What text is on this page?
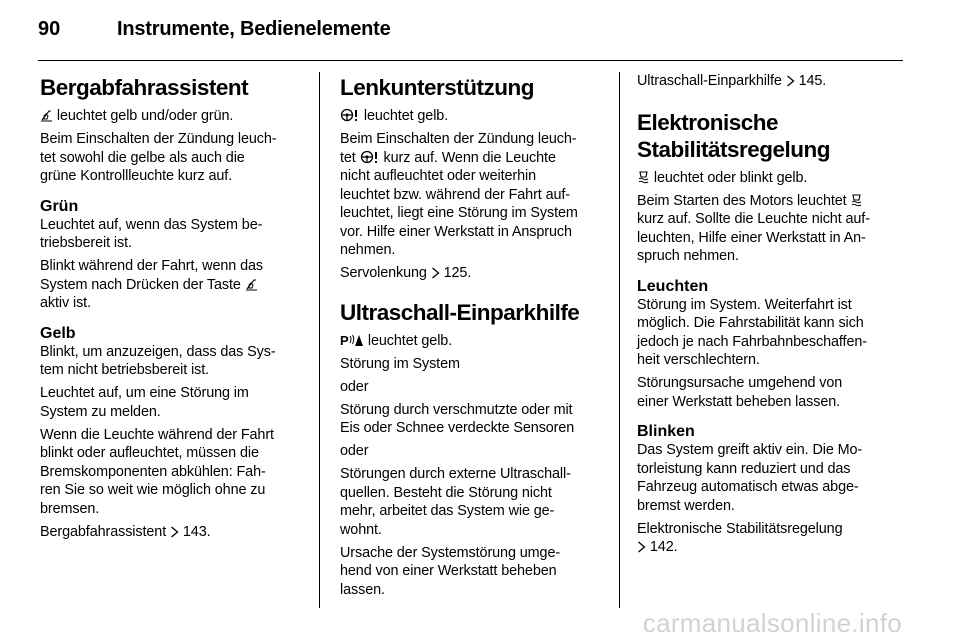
90	Instrumente, Bedienelemente
Bergabfahrassistent

leuchtet gelb und/oder grün.

Beim Einschalten der Zündung leuch-
tet sowohl die gelbe als auch die
grüne Kontrollleuchte kurz auf.

Grün

Leuchtet auf, wenn das System be-
triebsbereit ist.

Blinkt während der Fahrt, wenn das
System nach Drücken der Taste
aktiv ist.

Gelb

Blinkt, um anzuzeigen, dass das Sys-
tem nicht betriebsbereit ist.

Leuchtet auf, um eine Störung im
System zu melden.

Wenn die Leuchte während der Fahrt
blinkt oder aufleuchtet, müssen die
Bremskomponenten abkühlen: Fah-
ren Sie so weit wie möglich ohne zu
bremsen.

Bergabfahrassistent 143.

Lenkunterstützung

leuchtet gelb.

Beim Einschalten der Zündung leuch-
tet kurz auf. Wenn die Leuchte
nicht aufleuchtet oder weiterhin
leuchtet bzw. während der Fahrt auf-
leuchtet, liegt eine Störung im System
vor. Hilfe einer Werkstatt in Anspruch
nehmen.

Servolenkung 125.

Ultraschall-Einparkhilfe

P leuchtet gelb.

Störung im System

oder

Störung durch verschmutzte oder mit
Eis oder Schnee verdeckte Sensoren

oder

Störungen durch externe Ultraschall-
quellen. Besteht die Störung nicht
mehr, arbeitet das System wie ge-
wohnt.

Ursache der Systemstörung umge-
hend von einer Werkstatt beheben
lassen.

Ultraschall-Einparkhilfe 145.

Elektronische
Stabilitätsregelung

leuchtet oder blinkt gelb.

Beim Starten des Motors leuchtet
kurz auf. Sollte die Leuchte nicht auf-
leuchten, Hilfe einer Werkstatt in An-
spruch nehmen.

Leuchten

Störung im System. Weiterfahrt ist
möglich. Die Fahrstabilität kann sich
jedoch je nach Fahrbahnbeschaffen-
heit verschlechtern.

Störungsursache umgehend von
einer Werkstatt beheben lassen.

Blinken

Das System greift aktiv ein. Die Mo-
torleistung kann reduziert und das
Fahrzeug automatisch etwas abge-
bremst werden.

Elektronische Stabilitätsregelung
142.

carmanualsonline.info
